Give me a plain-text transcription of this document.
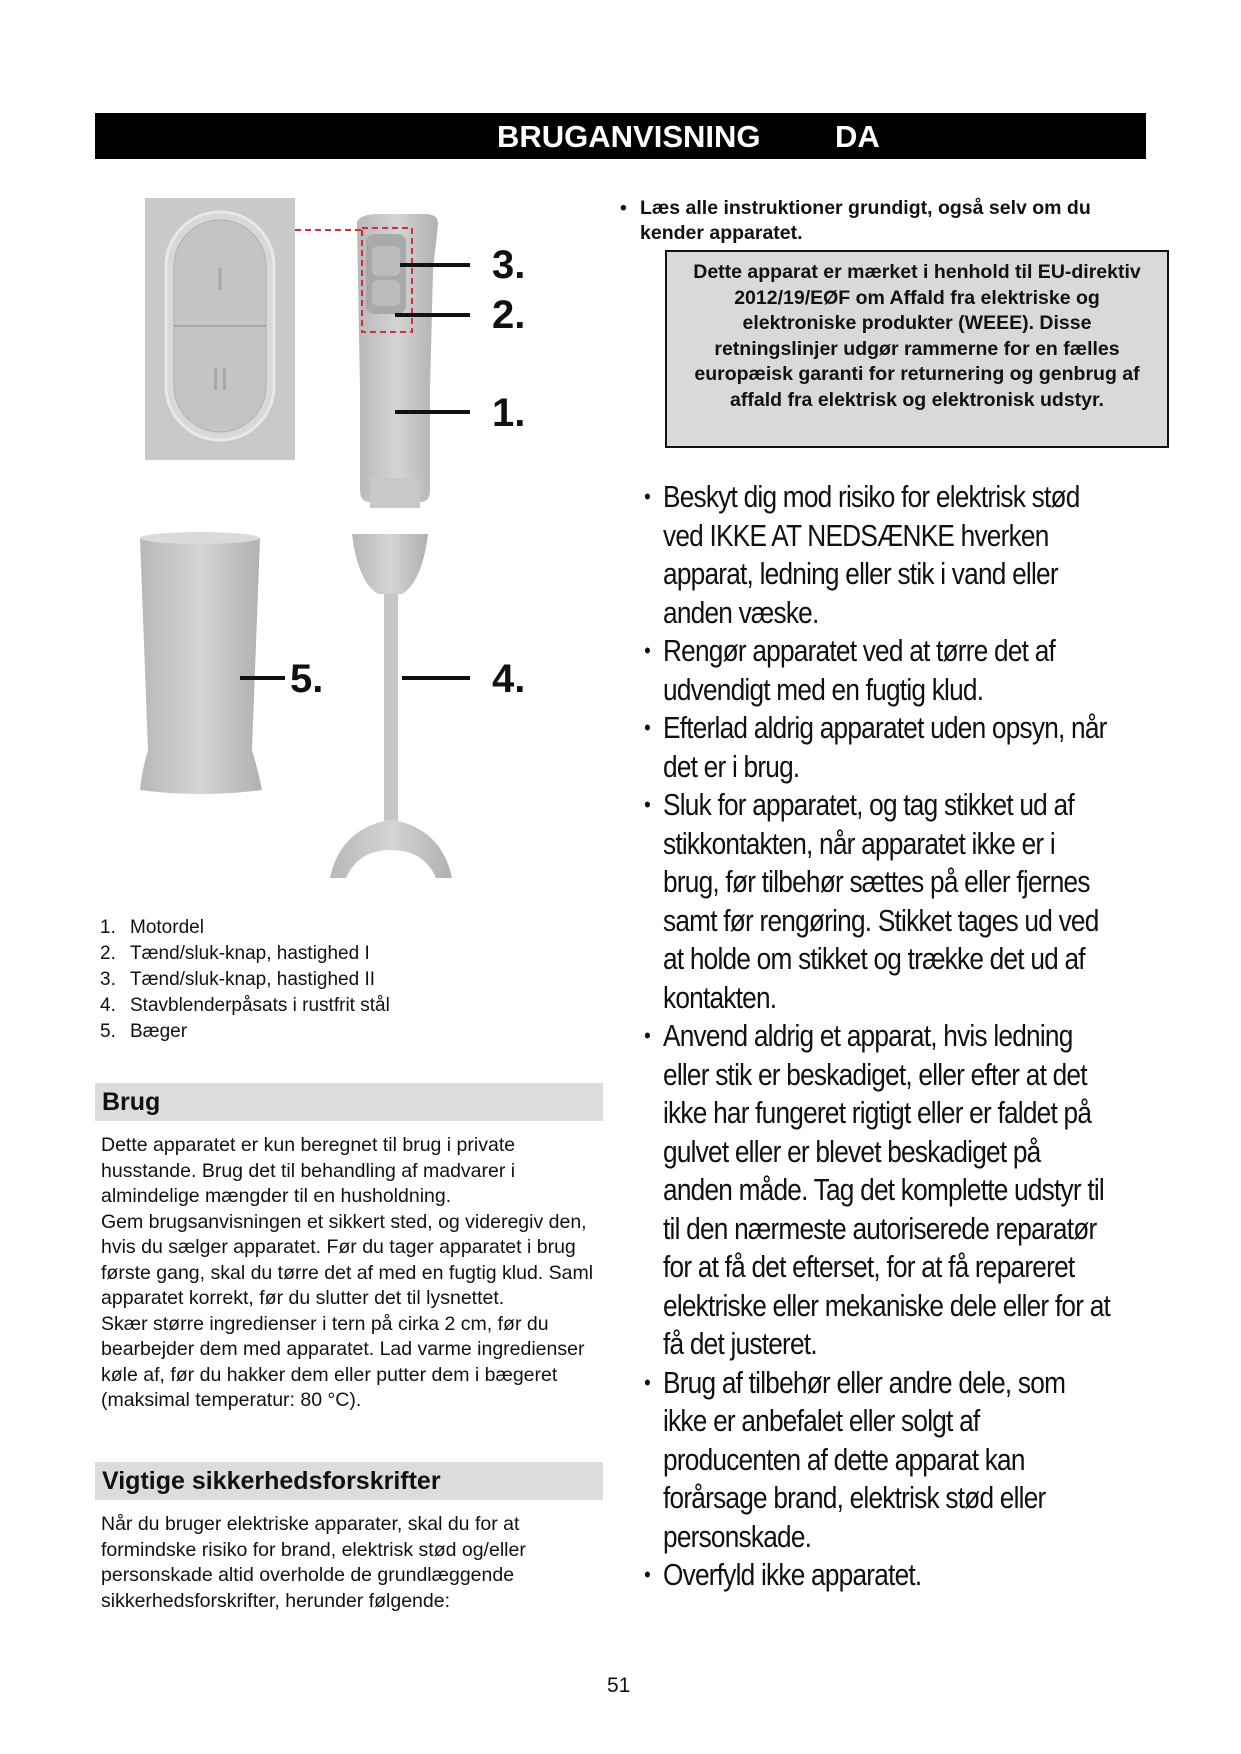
BRUGANVISNING DA
I
II
3.
2.
1.
5.	4.
1. Motordel
2. Tænd/sluk-knap, hastighed I
3. Tænd/sluk-knap, hastighed II
4. Stavblenderpåsats i rustfrit stål
5. Bæger
Brug

Dette apparatet er kun beregnet til brug i private husstande. Brug det til behandling af madvarer i almindelige mængder til en husholdning.

Gem brugsanvisningen et sikkert sted, og videregiv den, hvis du sælger apparatet. Før du tager apparatet i brug første gang, skal du tørre det af med en fugtig klud. Saml apparatet korrekt, før du slutter det til lysnettet.

Skær større ingredienser i tern på cirka 2 cm, før du bearbejder dem med apparatet. Lad varme ingredienser køle af, før du hakker dem eller putter dem i bægeret (maksimal temperatur: 80 °C).

Vigtige sikkerhedsforskrifter

Når du bruger elektriske apparater, skal du for at formindske risiko for brand, elektrisk stød og/eller personskade altid overholde de grundlæggende sikkerhedsforskrifter, herunder følgende:

• Læs alle instruktioner grundigt, også selv om du kender apparatet.
Dette apparat er mærket i henhold til EU-direktiv 2012/19/EØF om Affald fra elektriske og elektroniske produkter (WEEE). Disse retningslinjer udgør rammerne for en fælles europæisk garanti for returnering og genbrug af affald fra elektrisk og elektronisk udstyr.
• Beskyt dig mod risiko for elektrisk stød ved IKKE AT NEDSÆNKE hverken apparat, ledning eller stik i vand eller anden væske.
• Rengør apparatet ved at tørre det af udvendigt med en fugtig klud.
• Efterlad aldrig apparatet uden opsyn, når det er i brug.
• Sluk for apparatet, og tag stikket ud af stikkontakten, når apparatet ikke er i brug, før tilbehør sættes på eller fjernes samt før rengøring. Stikket tages ud ved at holde om stikket og trække det ud af kontakten.
• Anvend aldrig et apparat, hvis ledning eller stik er beskadiget, eller efter at det ikke har fungeret rigtigt eller er faldet på gulvet eller er blevet beskadiget på anden måde. Tag det komplette udstyr til til den nærmeste autoriserede reparatør for at få det efterset, for at få repareret elektriske eller mekaniske dele eller for at få det justeret.
• Brug af tilbehør eller andre dele, som ikke er anbefalet eller solgt af producenten af dette apparat kan forårsage brand, elektrisk stød eller personskade.
• Overfyld ikke apparatet.
51
